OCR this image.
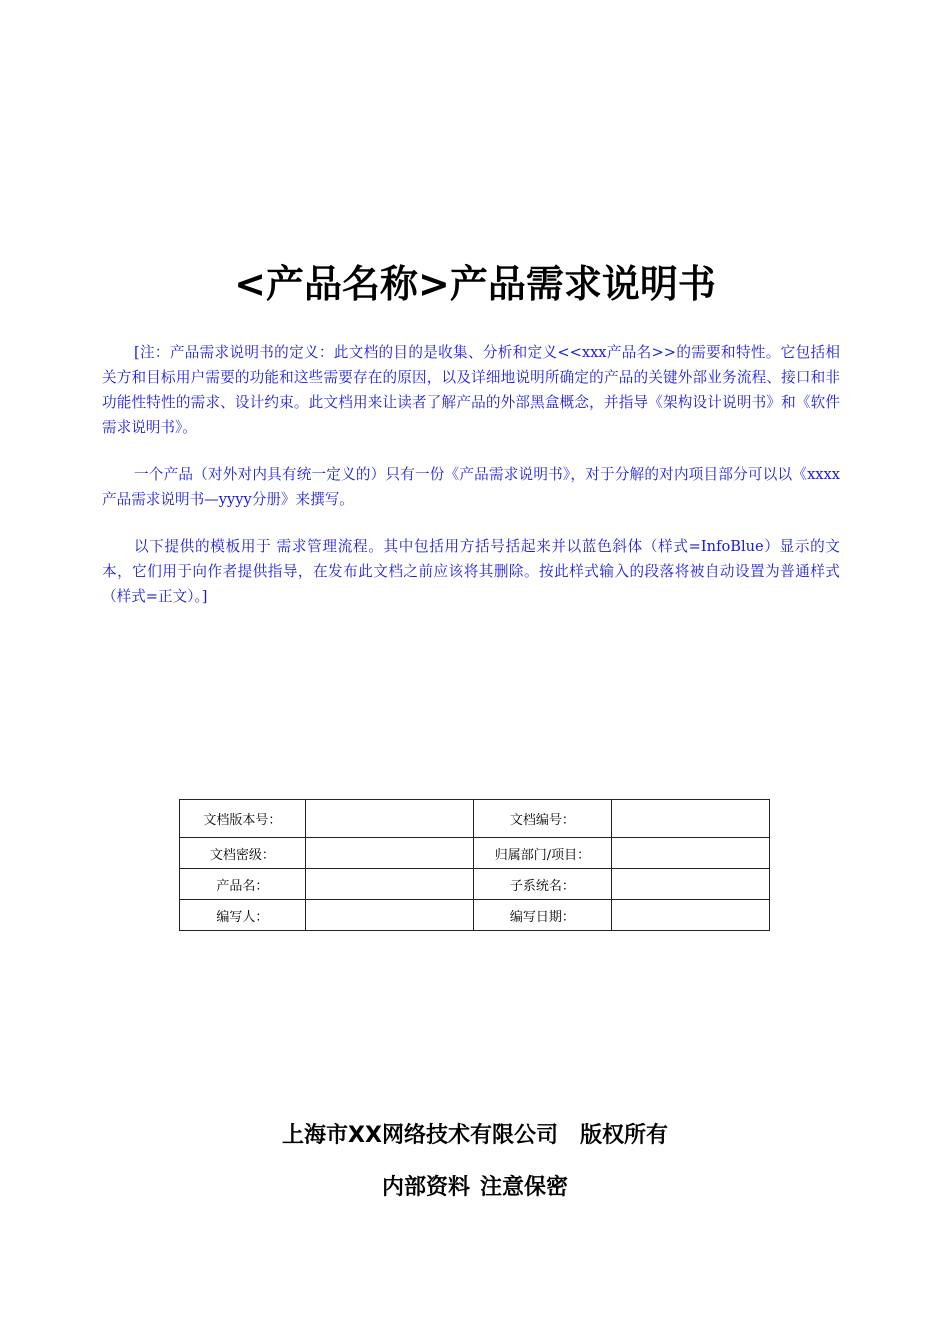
<产品名称>产品需求说明书

[注：产品需求说明书的定义：此文档的目的是收集、分析和定义<<xxx产品名>>的需要和特性。它包括相关方和目标用户需要的功能和这些需要存在的原因，以及详细地说明所确定的产品的关键外部业务流程、接口和非功能性特性的需求、设计约束。此文档用来让读者了解产品的外部黑盒概念，并指导《架构设计说明书》和《软件需求说明书》。

一个产品（对外对内具有统一定义的）只有一份《产品需求说明书》，对于分解的对内项目部分可以以《xxxx产品需求说明书—yyyy分册》来撰写。

以下提供的模板用于 需求管理流程。其中包括用方括号括起来并以蓝色斜体（样式=InfoBlue）显示的文本，它们用于向作者提供指导，在发布此文档之前应该将其删除。按此样式输入的段落将被自动设置为普通样式（样式=正文）。]

文档版本号：		文档编号：	
文档密级：		归属部门/项目：	
产品名：		子系统名：	
编写人：		编写日期：	
上海市XX网络技术有限公司 版权所有
内部资料 注意保密
